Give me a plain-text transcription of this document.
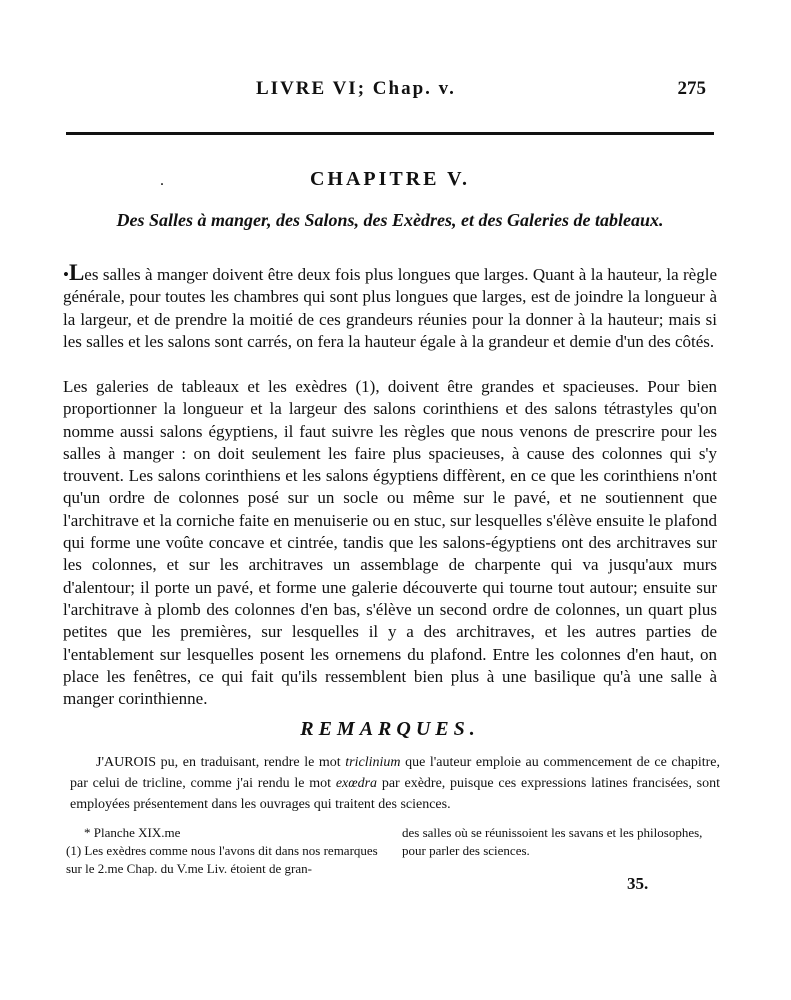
LIVRE VI; Chap. v.	275
.	CHAPITRE V.
Des Salles à manger, des Salons, des Exèdres, et des Galeries de tableaux.
•Les salles à manger doivent être deux fois plus longues que larges. Quant à la hauteur, la règle générale, pour toutes les chambres qui sont plus longues que larges, est de joindre la longueur à la largeur, et de prendre la moitié de ces grandeurs réunies pour la donner à la hauteur; mais si les salles et les salons sont carrés, on fera la hauteur égale à la grandeur et demie d'un des côtés.
Les galeries de tableaux et les exèdres (1), doivent être grandes et spacieuses. Pour bien proportionner la longueur et la largeur des salons corinthiens et des salons tétrastyles qu'on nomme aussi salons égyptiens, il faut suivre les règles que nous venons de prescrire pour les salles à manger : on doit seulement les faire plus spacieuses, à cause des colonnes qui s'y trouvent. Les salons corinthiens et les salons égyptiens diffèrent, en ce que les corinthiens n'ont qu'un ordre de colonnes posé sur un socle ou même sur le pavé, et ne soutiennent que l'architrave et la corniche faite en menuiserie ou en stuc, sur lesquelles s'élève ensuite le plafond qui forme une voûte concave et cintrée, tandis que les salons-égyptiens ont des architraves sur les colonnes, et sur les architraves un assemblage de charpente qui va jusqu'aux murs d'alentour; il porte un pavé, et forme une galerie découverte qui tourne tout autour; ensuite sur l'architrave à plomb des colonnes d'en bas, s'élève un second ordre de colonnes, un quart plus petites que les premières, sur lesquelles il y a des architraves, et les autres parties de l'entablement sur lesquelles posent les ornemens du plafond. Entre les colonnes d'en haut, on place les fenêtres, ce qui fait qu'ils ressemblent bien plus à une basilique qu'à une salle à manger corinthienne.
REMARQUES.
J'AUROIS pu, en traduisant, rendre le mot triclinium que l'auteur emploie au commencement de ce chapitre, par celui de tricline, comme j'ai rendu le mot exœdra par exèdre, puisque ces expressions latines francisées, sont employées présentement dans les ouvrages qui traitent des sciences.
* Planche XIX.me
(1) Les exèdres comme nous l'avons dit dans nos remarques sur le 2.me Chap. du V.me Liv. étoient de gran-
des salles où se réunissoient les savans et les philosophes, pour parler des sciences.
35.
